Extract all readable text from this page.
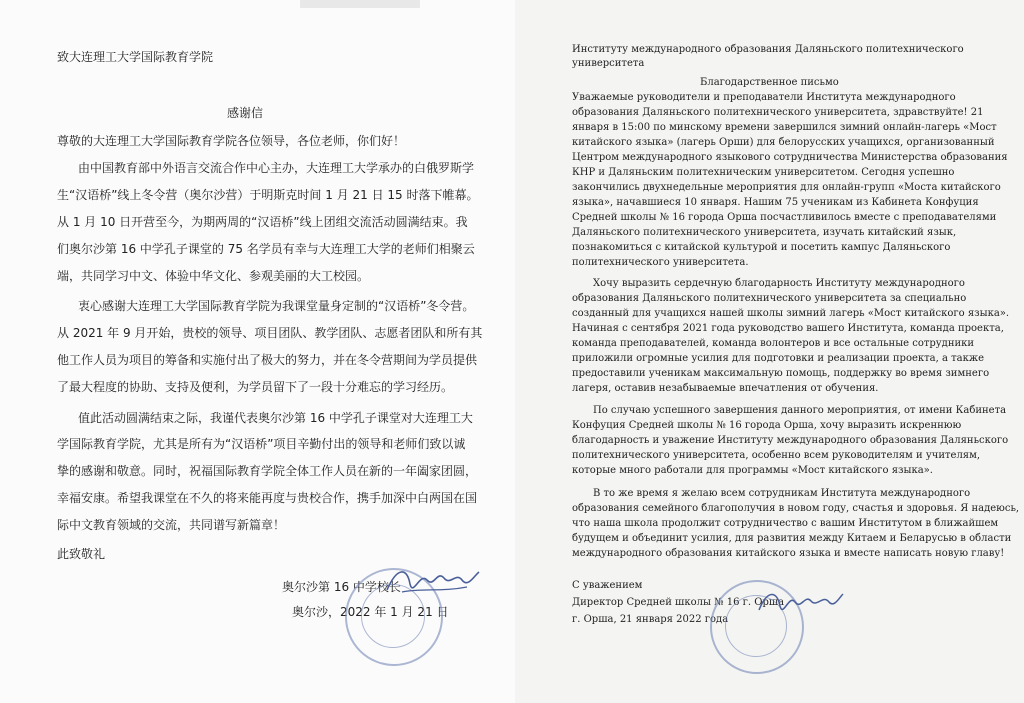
致大连理工大学国际教育学院
感谢信
尊敬的大连理工大学国际教育学院各位领导，各位老师，你们好！
由中国教育部中外语言交流合作中心主办，大连理工大学承办的白俄罗斯学
生“汉语桥”线上冬令营（奥尔沙营）于明斯克时间 1 月 21 日 15 时落下帷幕。
从 1 月 10 日开营至今，为期两周的“汉语桥”线上团组交流活动圆满结束。我
们奥尔沙第 16 中学孔子课堂的 75 名学员有幸与大连理工大学的老师们相聚云
端，共同学习中文、体验中华文化、参观美丽的大工校园。
衷心感谢大连理工大学国际教育学院为我课堂量身定制的“汉语桥”冬令营。
从 2021 年 9 月开始，贵校的领导、项目团队、教学团队、志愿者团队和所有其
他工作人员为项目的筹备和实施付出了极大的努力，并在冬令营期间为学员提供
了最大程度的协助、支持及便利，为学员留下了一段十分难忘的学习经历。
值此活动圆满结束之际，我谨代表奥尔沙第 16 中学孔子课堂对大连理工大
学国际教育学院，尤其是所有为“汉语桥”项目辛勤付出的领导和老师们致以诚
挚的感谢和敬意。同时，祝福国际教育学院全体工作人员在新的一年阖家团圆，
幸福安康。希望我课堂在不久的将来能再度与贵校合作，携手加深中白两国在国
际中文教育领域的交流，共同谱写新篇章！
此致敬礼
奥尔沙第 16 中学校长
奥尔沙，2022 年 1 月 21 日
Институту международного образования Даляньского политехнического
университета
Благодарственное письмо
Уважаемые руководители и преподаватели Института международного
образования Даляньского политехнического университета, здравствуйте! 21
января в 15:00 по минскому времени завершился зимний онлайн-лагерь «Мост
китайского языка» (лагерь Орши) для белорусских учащихся, организованный
Центром международного языкового сотрудничества Министерства образования
КНР и Даляньским политехническим университетом. Сегодня успешно
закончились двухнедельные мероприятия для онлайн-групп «Моста китайского
языка», начавшиеся 10 января. Нашим 75 ученикам из Кабинета Конфуция
Средней школы № 16 города Орша посчастливилось вместе с преподавателями
Даляньского политехнического университета, изучать китайский язык,
познакомиться с китайской культурой и посетить кампус Даляньского
политехнического университета.
Хочу выразить сердечную благодарность Институту международного
образования Даляньского политехнического университета за специально
созданный для учащихся нашей школы зимний лагерь «Мост китайского языка».
Начиная с сентября 2021 года руководство вашего Института, команда проекта,
команда преподавателей, команда волонтеров и все остальные сотрудники
приложили огромные усилия для подготовки и реализации проекта, а также
предоставили ученикам максимальную помощь, поддержку во время зимнего
лагеря, оставив незабываемые впечатления от обучения.
По случаю успешного завершения данного мероприятия, от имени Кабинета
Конфуция Средней школы № 16 города Орша, хочу выразить искреннюю
благодарность и уважение Институту международного образования Даляньского
политехнического университета, особенно всем руководителям и учителям,
которые много работали для программы «Мост китайского языка».
В то же время я желаю всем сотрудникам Института международного
образования семейного благополучия в новом году, счастья и здоровья. Я надеюсь,
что наша школа продолжит сотрудничество с вашим Институтом в ближайшем
будущем и объединит усилия, для развития между Китаем и Беларусью в области
международного образования китайского языка и вместе написать новую главу!
С уважением
Директор Средней школы № 16 г. Орша
г. Орша, 21 января 2022 года
